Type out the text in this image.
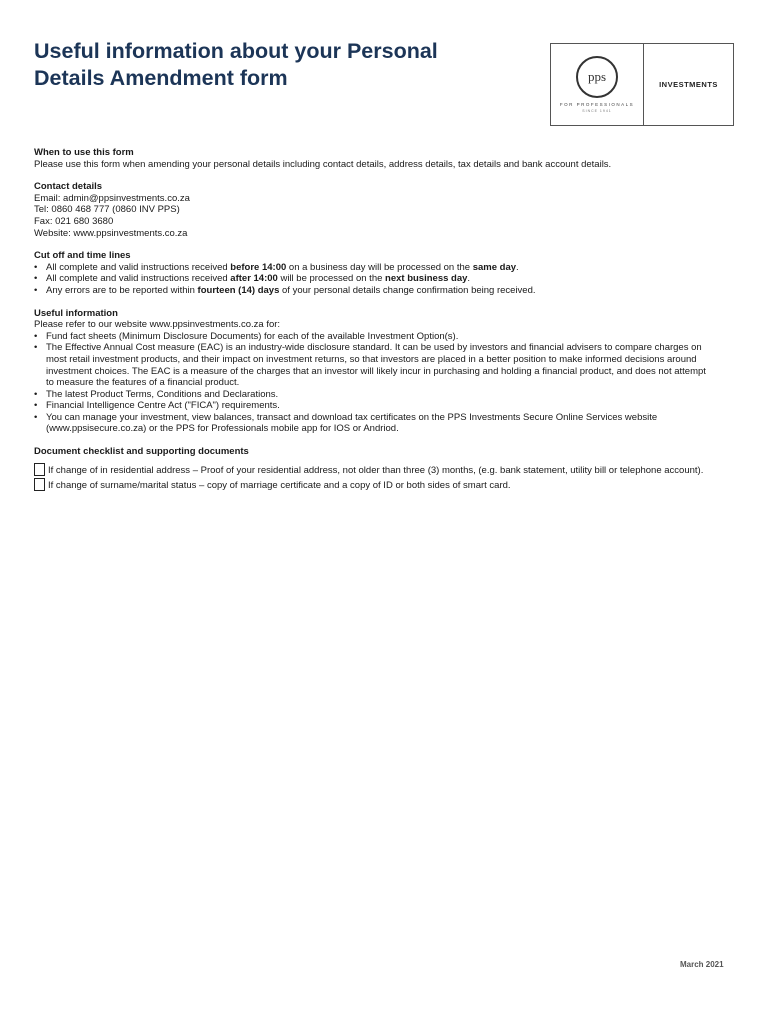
Useful information about your Personal
Details Amendment form	pps
FOR PROFESSIONALS
SINCE 1941
INVESTMENTS
When to use this form
Please use this form when amending your personal details including contact details, address details, tax details and bank account details.
Contact details
Email: admin@ppsinvestments.co.za
Tel: 0860 468 777 (0860 INV PPS)
Fax: 021 680 3680
Website: www.ppsinvestments.co.za
Cut off and time lines
• All complete and valid instructions received before 14:00 on a business day will be processed on the same day.
• All complete and valid instructions received after 14:00 will be processed on the next business day.
• Any errors are to be reported within fourteen (14) days of your personal details change confirmation being received.
Useful information
Please refer to our website www.ppsinvestments.co.za for:
• Fund fact sheets (Minimum Disclosure Documents) for each of the available Investment Option(s).
• The Effective Annual Cost measure (EAC) is an industry-wide disclosure standard. It can be used by investors and financial advisers to compare charges on most retail investment products, and their impact on investment returns, so that investors are placed in a better position to make informed decisions around investment choices. The EAC is a measure of the charges that an investor will likely incur in purchasing and holding a financial product, and does not attempt to measure the features of a financial product.
• The latest Product Terms, Conditions and Declarations.
• Financial Intelligence Centre Act ("FICA") requirements.
• You can manage your investment, view balances, transact and download tax certificates on the PPS Investments Secure Online Services website (www.ppsisecure.co.za) or the PPS for Professionals mobile app for IOS or Andriod.
Document checklist and supporting documents
If change of in residential address – Proof of your residential address, not older than three (3) months, (e.g. bank statement, utility bill or telephone account).
If change of surname/marital status – copy of marriage certificate and a copy of ID or both sides of smart card.
March 2021
